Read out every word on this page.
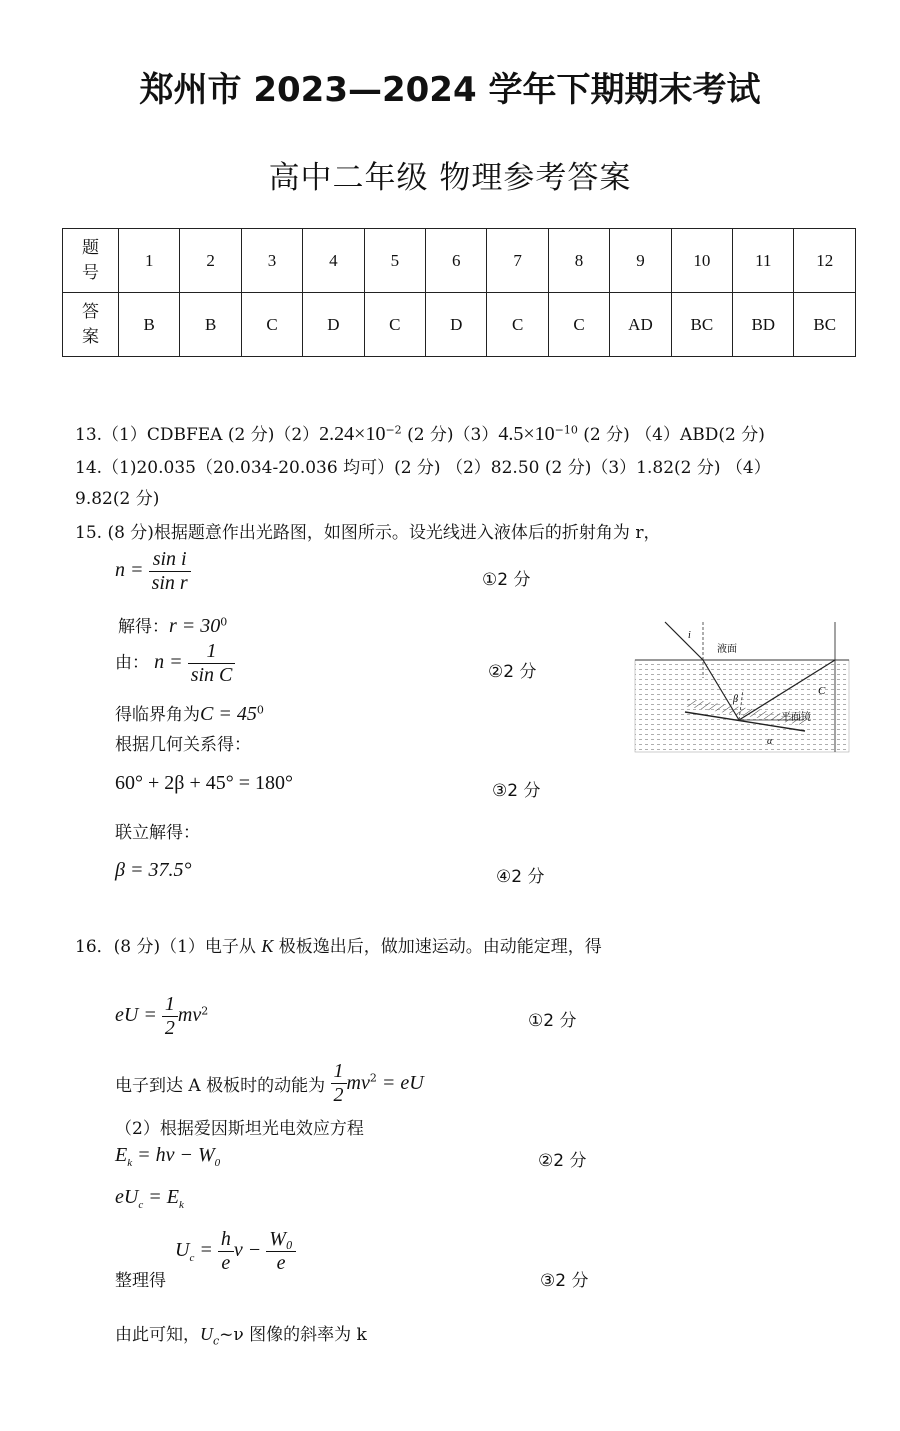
郑州市 2023—2024 学年下期期末考试
高中二年级 物理参考答案
题
号	1	2	3	4	5	6	7	8	9	10	11	12
答
案	B	B	C	D	C	D	C	C	AD	BC	BD	BC
13.（1）CDBFEA (2 分)$(2)2.24\times 10^{-2}$ (2 分)$(3)4.5\times 10^{-10}$ (2 分) （4）ABD(2 分)
14.（1)20.035（20.034-20.036 均可）(2 分) （2）82.50 (2 分)（3）1.82(2 分) （4）
9.82(2 分)
15. (8 分)根据题意作出光路图，如图所示。设光线进入液体后的折射角为 r，
$n = \frac{\text{sin i}}{\text{sin r}}$	①2 分
解得：$r = 30^0$
由： $n = \frac{1}{\text{sin C}}$	②2 分
得临界角为$C = 45^0$
根据几何关系得：
60° + 2β + 45° = 180°	③2 分
联立解得：
β = 37.5°	④2 分
i
液面
β
C
平面镜
α
16．(8 分)（1）电子从 K 极板逸出后，做加速运动。由动能定理，得
eU = $\frac{1}{2} mv^2$	①2 分
电子到达 A 极板时的动能为 $\frac{1}{2} mv^2$ = eU
（2）根据爱因斯坦光电效应方程
$E_k = h\nu - W_0$	②2 分
$eU_c = E_k$
整理得
$U_c = \frac{h}{e}$ $\nu - \frac{\text{W₀}}{e}$
③2 分
由此可知，$U_c\sim\nu$ 图像的斜率为 k
